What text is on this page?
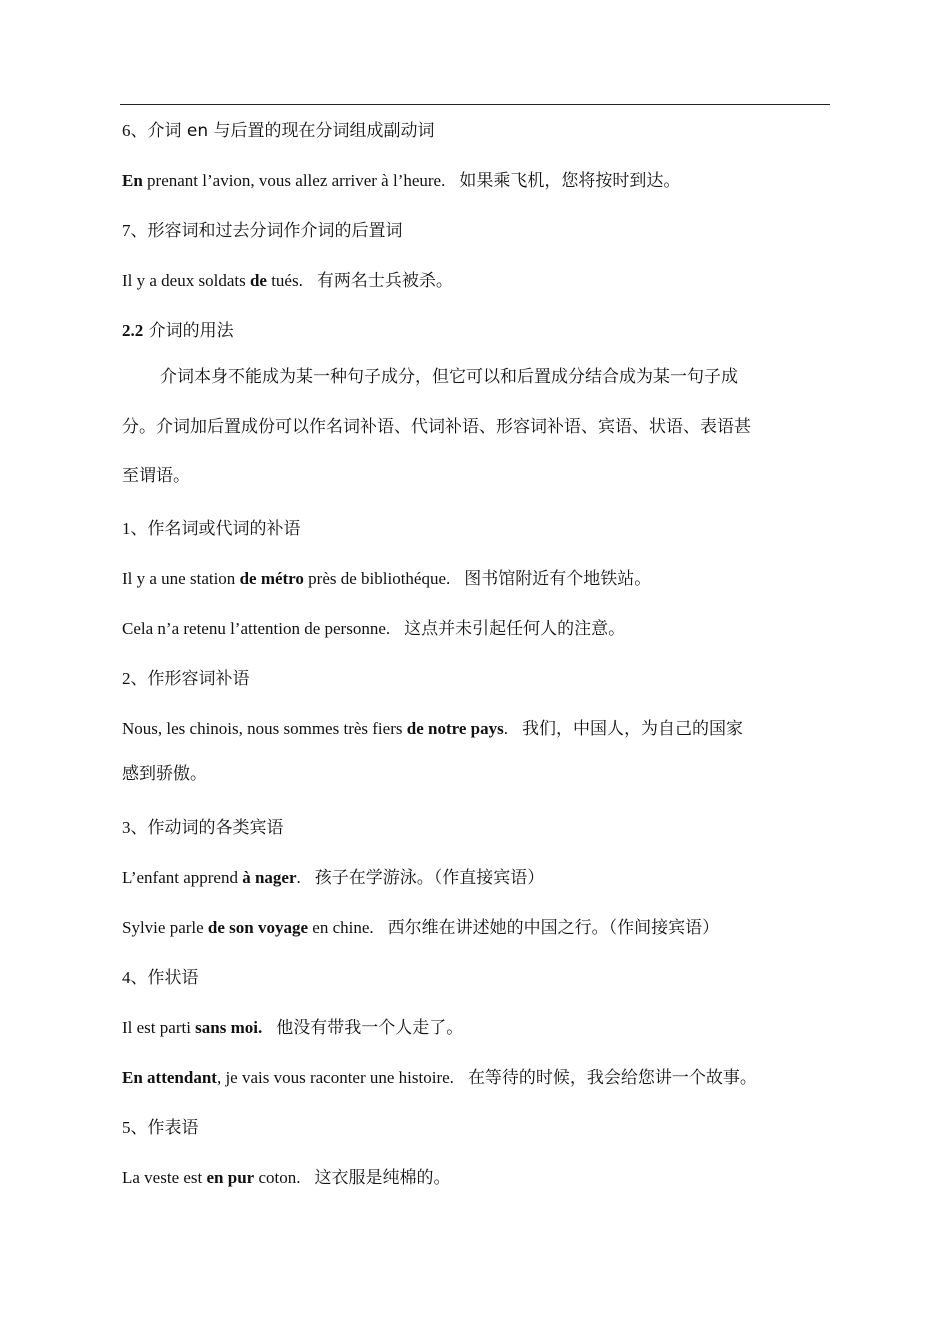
6、介词 en 与后置的现在分词组成副动词
En prenant l’avion, vous allez arriver à l’heure. 如果乘飞机，您将按时到达。
7、形容词和过去分词作介词的后置词
Il y a deux soldats de tués. 有两名士兵被杀。
2.2 介词的用法
介词本身不能成为某一种句子成分，但它可以和后置成分结合成为某一句子成
分。介词加后置成份可以作名词补语、代词补语、形容词补语、宾语、状语、表语甚
至谓语。
1、作名词或代词的补语
Il y a une station de métro près de bibliothéque. 图书馆附近有个地铁站。
Cela n’a retenu l’attention de personne. 这点并未引起任何人的注意。
2、作形容词补语
Nous, les chinois, nous sommes très fiers de notre pays. 我们，中国人，为自己的国家
感到骄傲。
3、作动词的各类宾语
L’enfant apprend à nager. 孩子在学游泳。（作直接宾语）
Sylvie parle de son voyage en chine. 西尔维在讲述她的中国之行。（作间接宾语）
4、作状语
Il est parti sans moi. 他没有带我一个人走了。
En attendant, je vais vous raconter une histoire. 在等待的时候，我会给您讲一个故事。
5、作表语
La veste est en pur coton. 这衣服是纯棉的。
